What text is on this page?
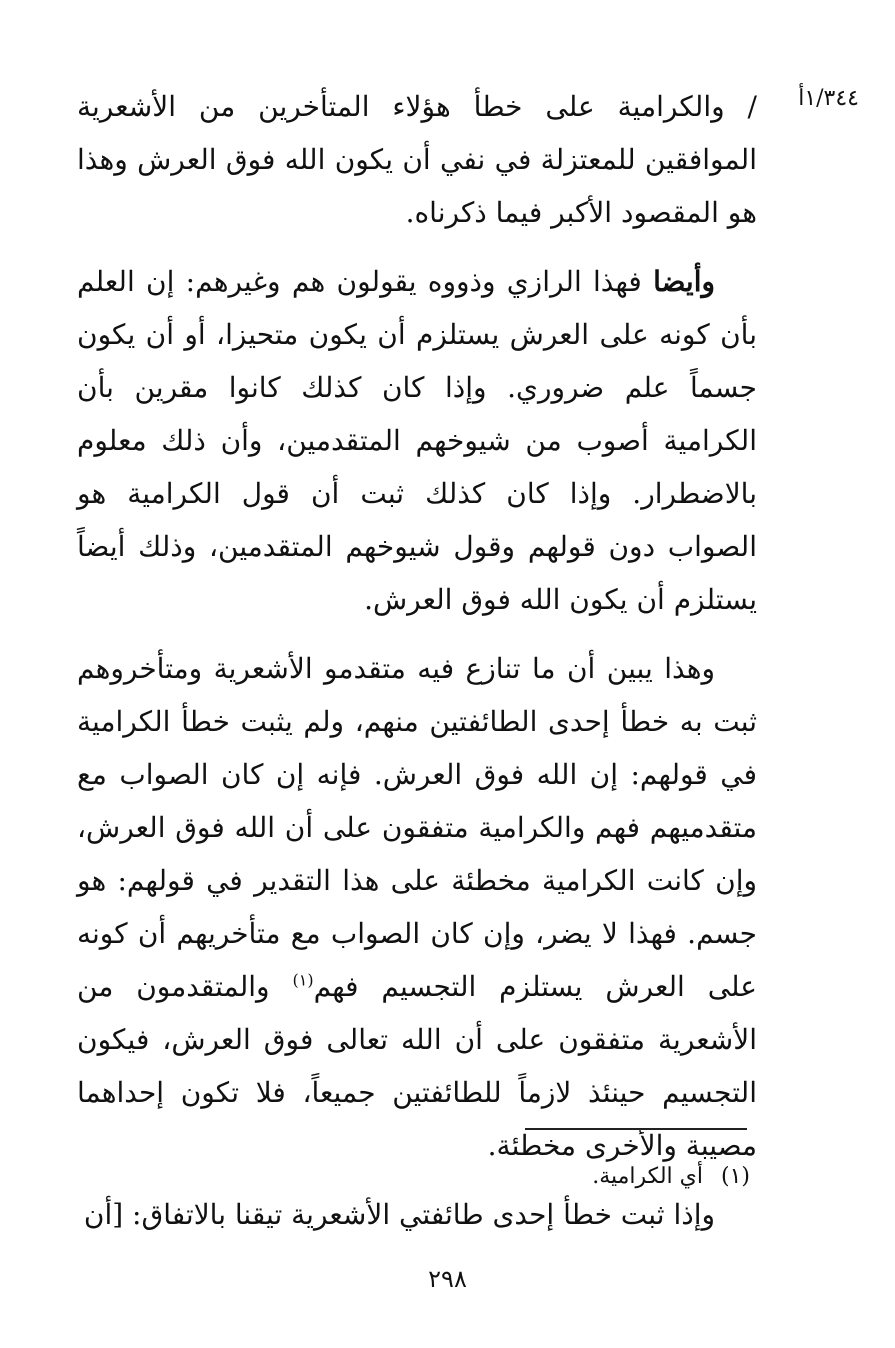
١/٣٤٤أ

/ والكرامية على خطأ هؤلاء المتأخرين من الأشعرية الموافقين للمعتزلة في نفي أن يكون الله فوق العرش وهذا هو المقصود الأكبر فيما ذكرناه.

وأيضا فهذا الرازي وذووه يقولون هم وغيرهم: إن العلم بأن كونه على العرش يستلزم أن يكون متحيزا، أو أن يكون جسماً علم ضروري. وإذا كان كذلك كانوا مقرين بأن الكرامية أصوب من شيوخهم المتقدمين، وأن ذلك معلوم بالاضطرار. وإذا كان كذلك ثبت أن قول الكرامية هو الصواب دون قولهم وقول شيوخهم المتقدمين، وذلك أيضاً يستلزم أن يكون الله فوق العرش.

وهذا يبين أن ما تنازع فيه متقدمو الأشعرية ومتأخروهم ثبت به خطأ إحدى الطائفتين منهم، ولم يثبت خطأ الكرامية في قولهم: إن الله فوق العرش. فإنه إن كان الصواب مع متقدميهم فهم والكرامية متفقون على أن الله فوق العرش، وإن كانت الكرامية مخطئة على هذا التقدير في قولهم: هو جسم. فهذا لا يضر، وإن كان الصواب مع متأخريهم أن كونه على العرش يستلزم التجسيم فهم$^{(١)}$ والمتقدمون من الأشعرية متفقون على أن الله تعالى فوق العرش، فيكون التجسيم حينئذ لازماً للطائفتين جميعاً، فلا تكون إحداهما مصيبة والأخرى مخطئة.

وإذا ثبت خطأ إحدى طائفتي الأشعرية تيقنا بالاتفاق: [أن

(١)أي الكرامية.
٢٩٨
